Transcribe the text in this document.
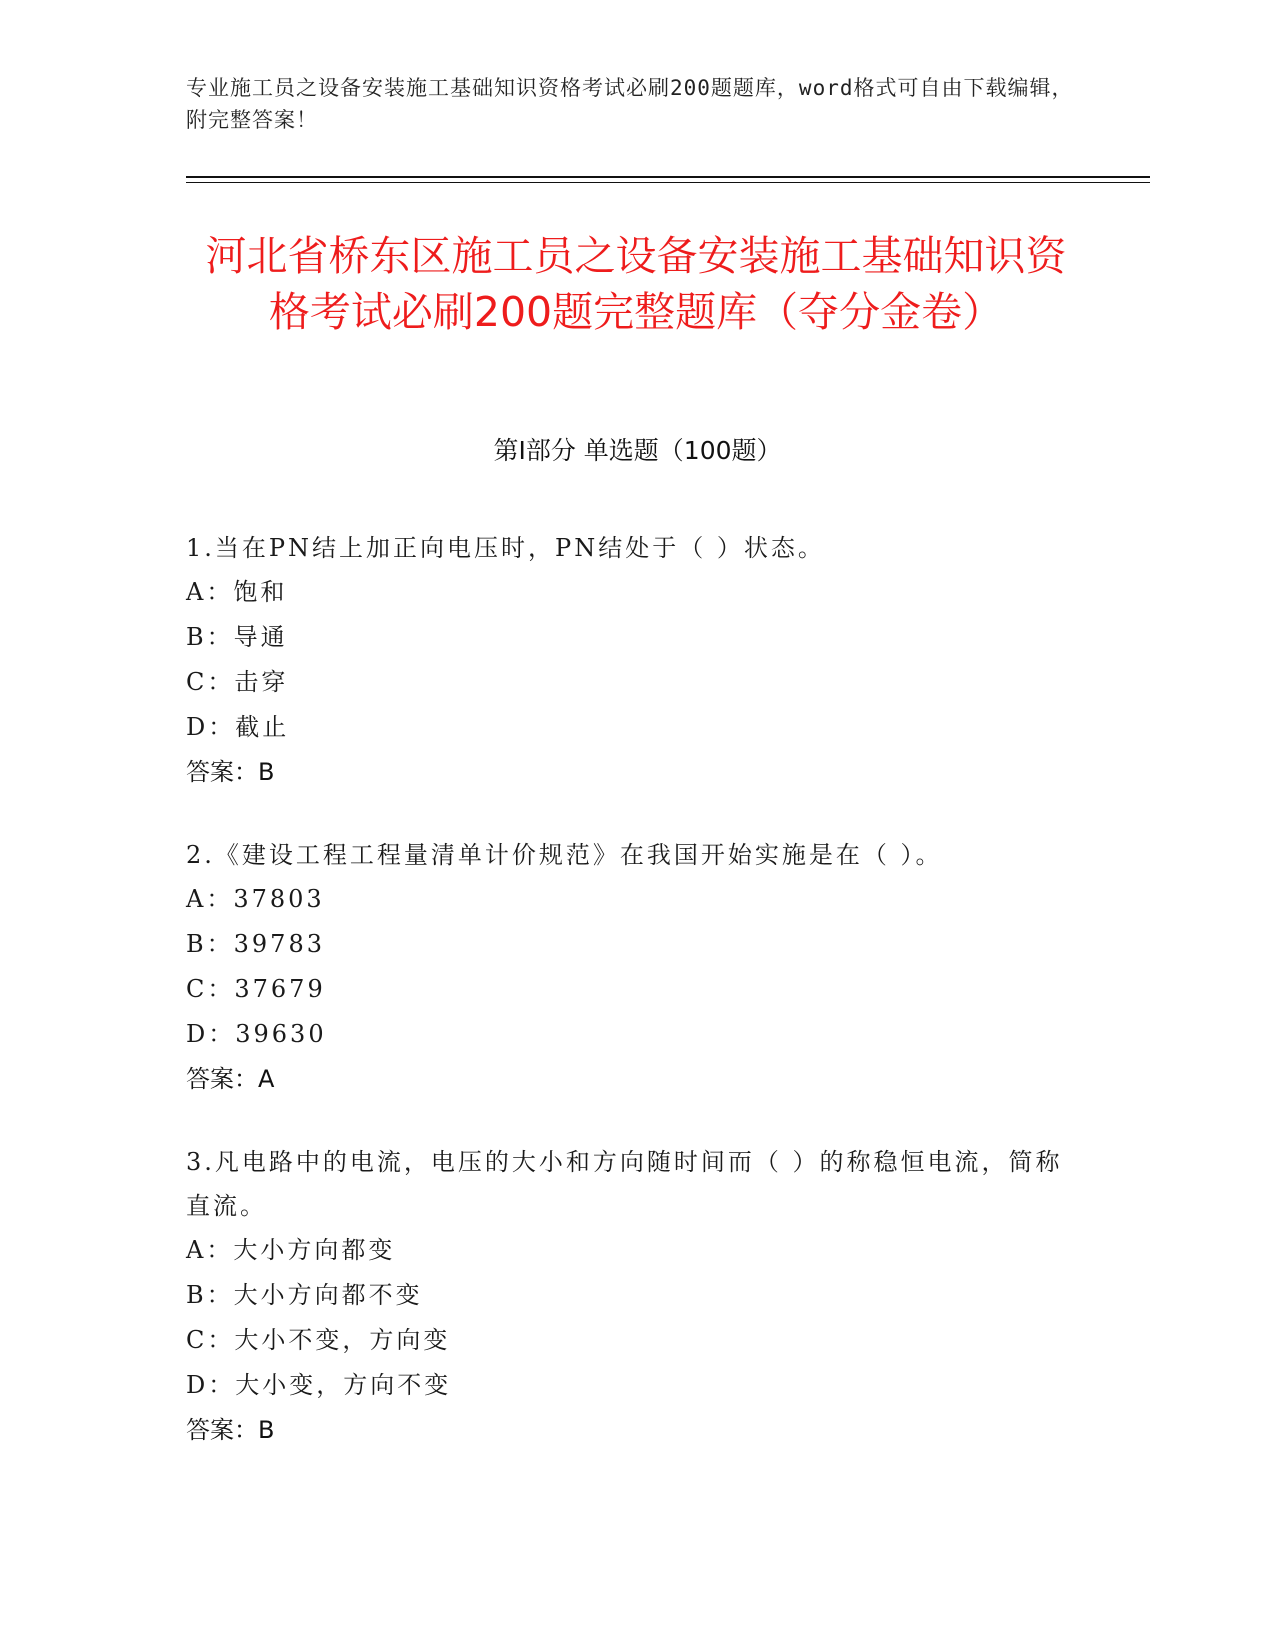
专业施工员之设备安装施工基础知识资格考试必刷200题题库，word格式可自由下载编辑，附完整答案！
河北省桥东区施工员之设备安装施工基础知识资格考试必刷200题完整题库（夺分金卷）
第Ⅰ部分 单选题（100题）
1.当在PN结上加正向电压时，PN结处于（ ）状态。
A：饱和
B：导通
C：击穿
D：截止
答案：B
2.《建设工程工程量清单计价规范》在我国开始实施是在（ ）。
A：37803
B：39783
C：37679
D：39630
答案：A
3.凡电路中的电流，电压的大小和方向随时间而（ ）的称稳恒电流，简称直流。
A：大小方向都变
B：大小方向都不变
C：大小不变，方向变
D：大小变，方向不变
答案：B
